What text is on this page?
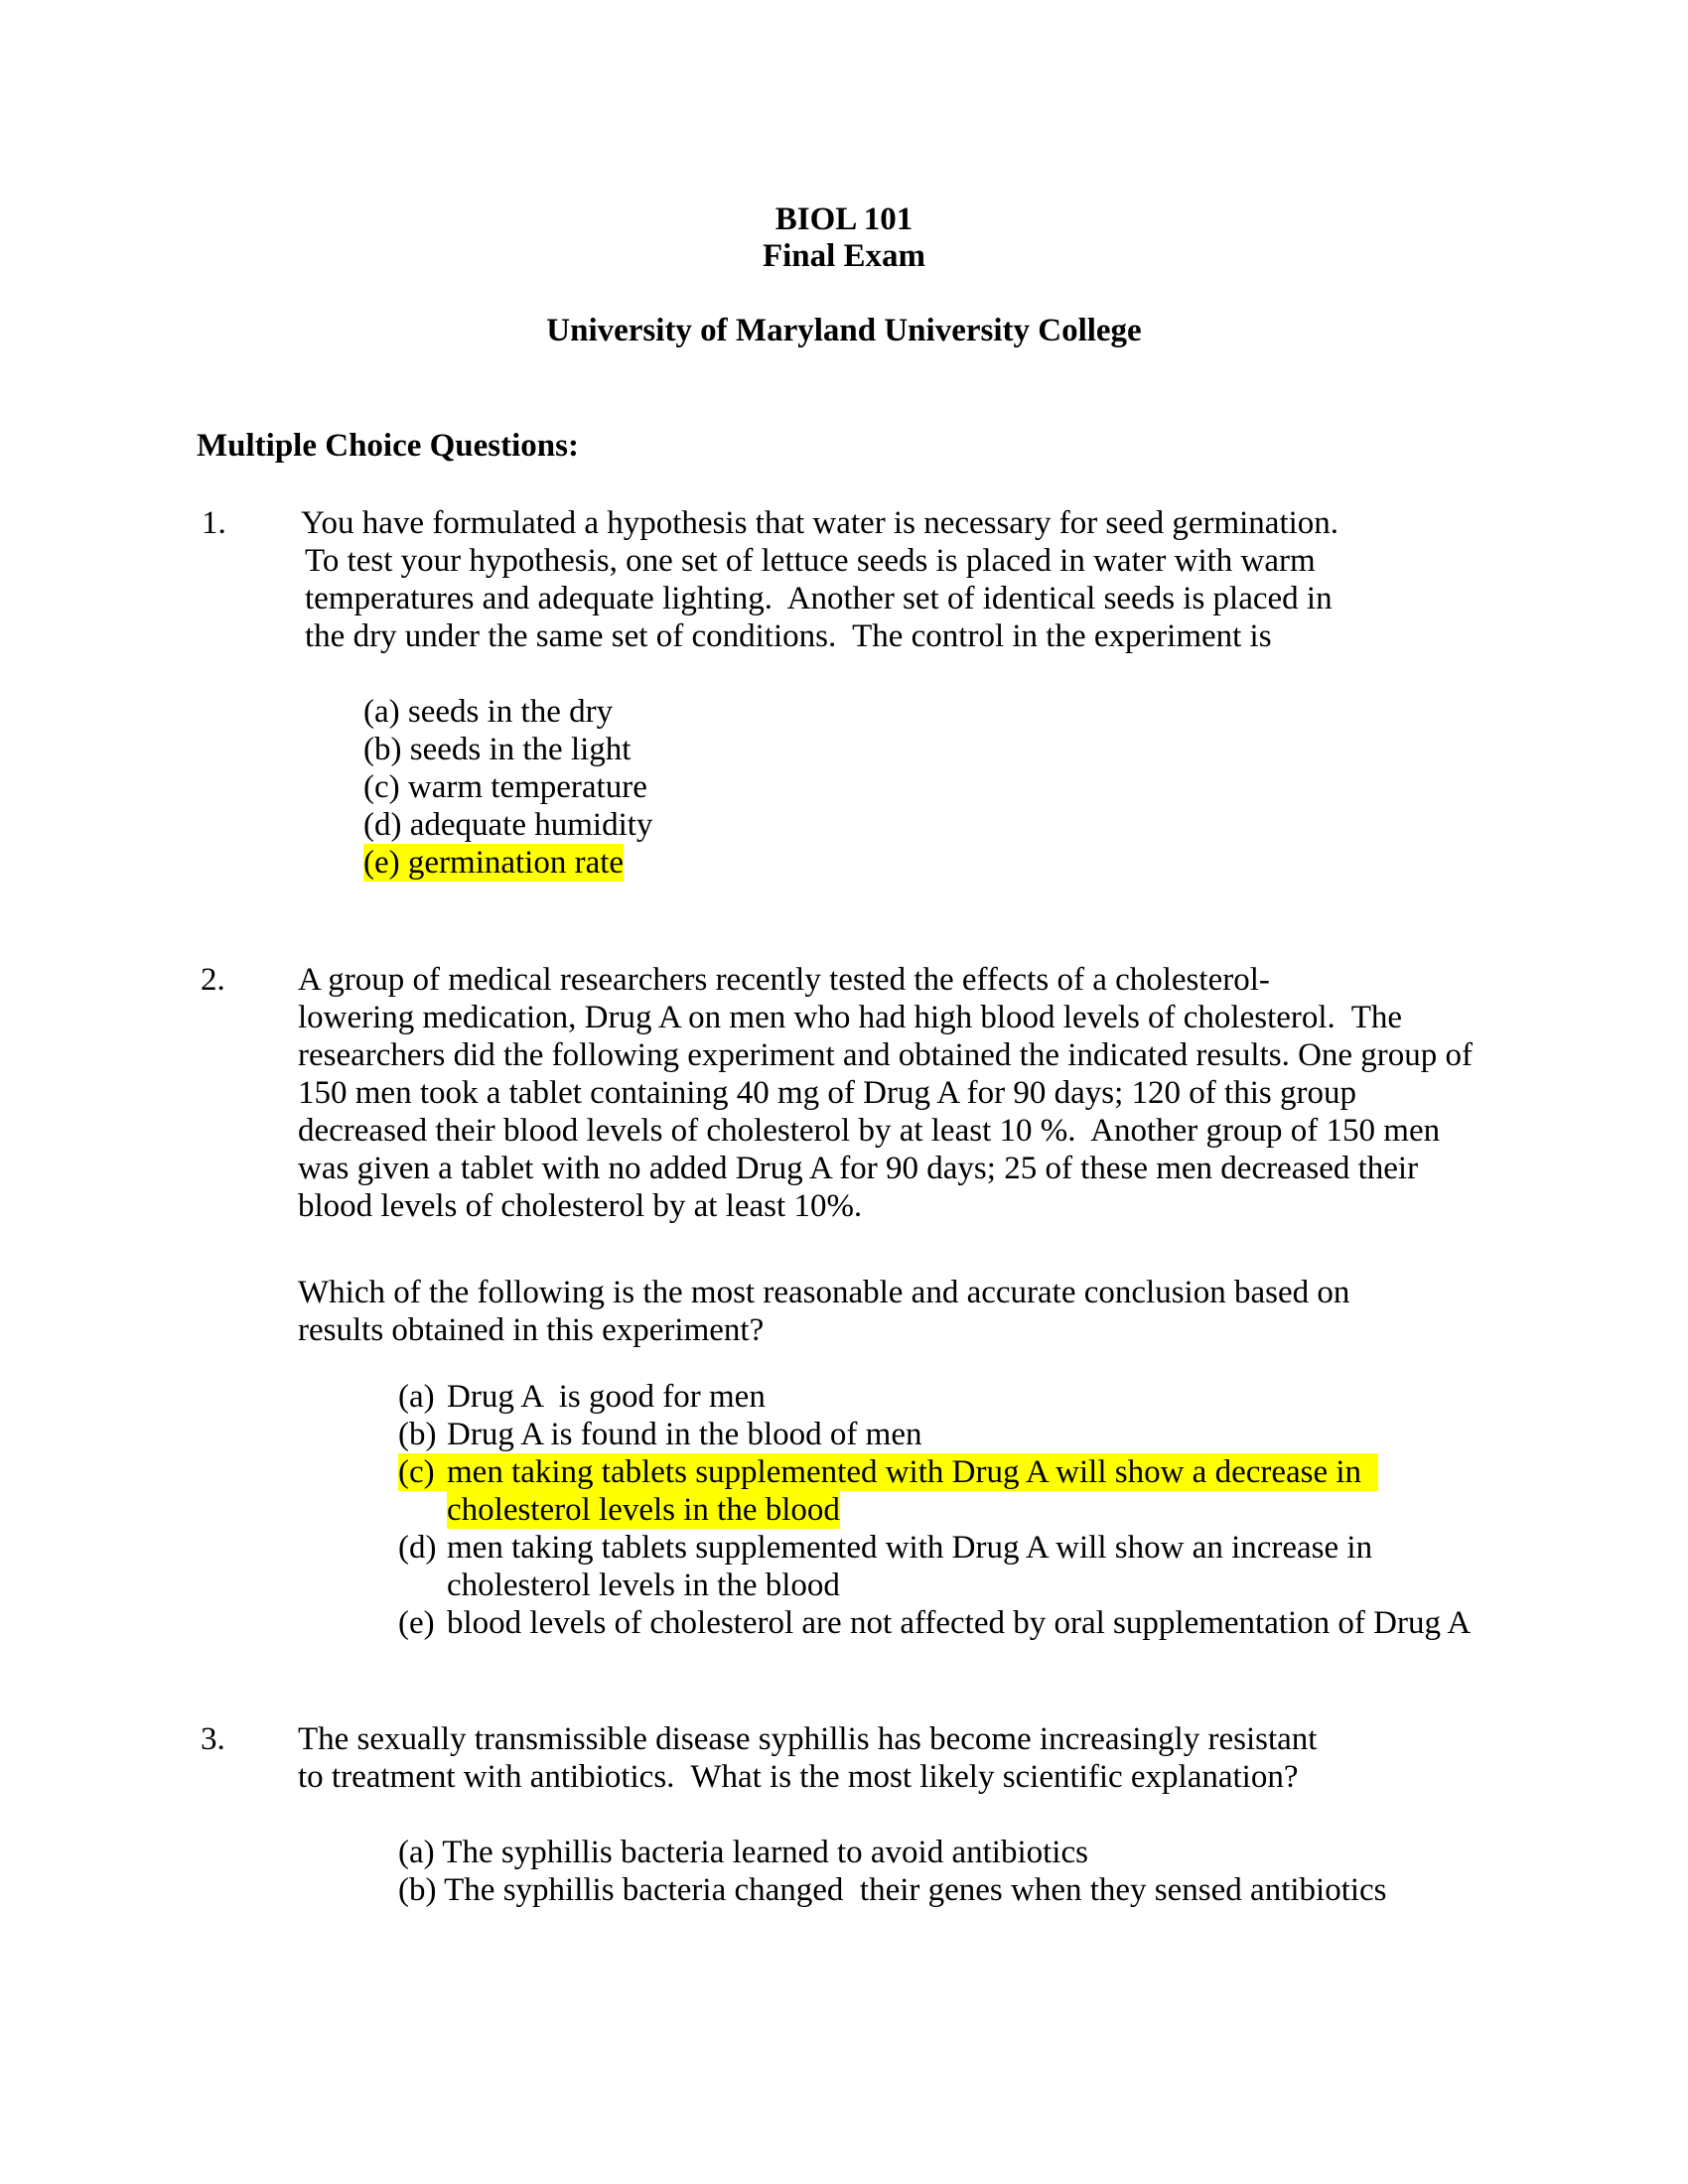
BIOL 101
Final Exam
University of Maryland University College
Multiple Choice Questions:
1. You have formulated a hypothesis that water is necessary for seed germination.
To test your hypothesis, one set of lettuce seeds is placed in water with warm
temperatures and adequate lighting.  Another set of identical seeds is placed in
the dry under the same set of conditions.  The control in the experiment is
(a) seeds in the dry
(b) seeds in the light
(c) warm temperature
(d) adequate humidity
(e) germination rate
2. A group of medical researchers recently tested the effects of a cholesterol-
lowering medication, Drug A on men who had high blood levels of cholesterol.  The
researchers did the following experiment and obtained the indicated results. One group of
150 men took a tablet containing 40 mg of Drug A for 90 days; 120 of this group
decreased their blood levels of cholesterol by at least 10 %.  Another group of 150 men
was given a tablet with no added Drug A for 90 days; 25 of these men decreased their
blood levels of cholesterol by at least 10%.
Which of the following is the most reasonable and accurate conclusion based on
results obtained in this experiment?
(a) Drug A  is good for men
(b) Drug A is found in the blood of men
(c) men taking tablets supplemented with Drug A will show a decrease in
cholesterol levels in the blood
(d) men taking tablets supplemented with Drug A will show an increase in
cholesterol levels in the blood
(e) blood levels of cholesterol are not affected by oral supplementation of Drug A
3. The sexually transmissible disease syphillis has become increasingly resistant
to treatment with antibiotics.  What is the most likely scientific explanation?
(a) The syphillis bacteria learned to avoid antibiotics
(b) The syphillis bacteria changed  their genes when they sensed antibiotics
